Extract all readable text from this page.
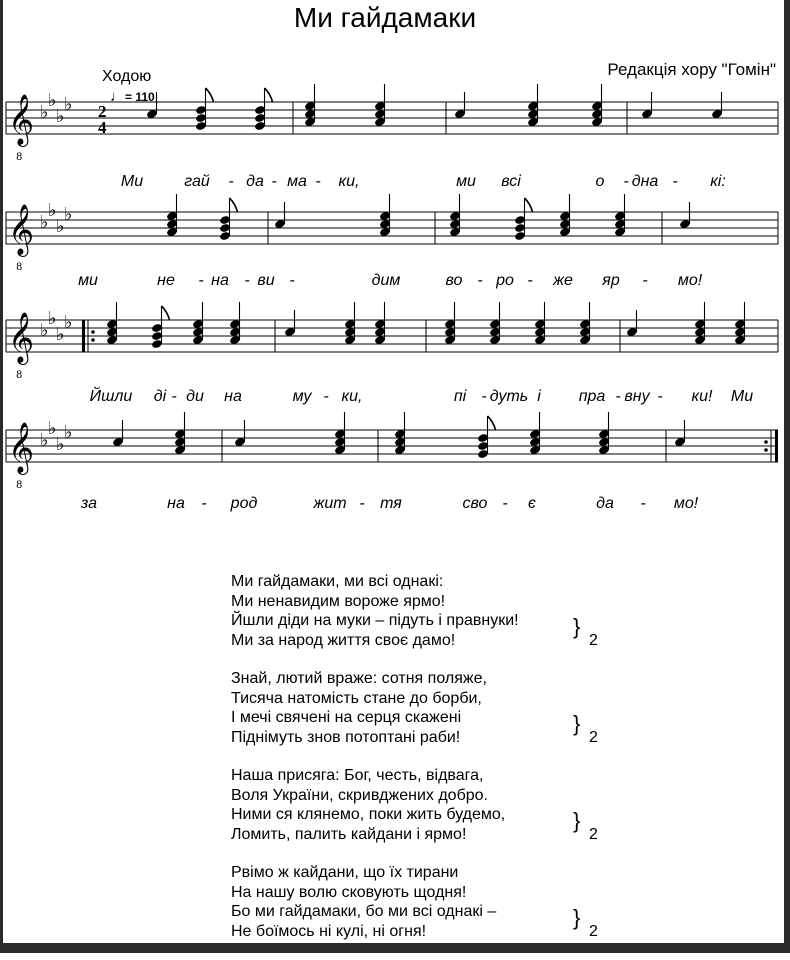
Ми гайдамаки
Редакція хору "Гомін"
Ходою
♩= 110
𝄞
8
♭
♭
♭
♭ 2
4
Ми	гай - да - ма - ки,	ми всі	о - дна - кі:
𝄞
8
♭
♭
♭
♭
ми	не - на - ви -	дим	во - ро - же яр - мо!
𝄞
8
♭
♭
♭
♭
Йшли ді - ди на	му - ки,	пі - дуть і пра - вну - ки! Ми
𝄞
8
♭
♭
♭
♭
за	на - род	жит - тя	сво - є	да - мо!
Ми гайдамаки, ми всі однакі:
Ми ненавидим вороже ярмо!
Йшли діди на муки – підуть і правнуки!
Ми за народ життя своє дамо!
}
2
Знай, лютий враже: сотня поляже,
Тисяча натомість стане до борби,
І мечі свячені на серця скажені
Піднімуть знов потоптані раби!
}
2
Наша присяга: Бог, честь, відвага,
Воля України, скривджених добро.
Ними ся клянемо, поки жить будемо,
Ломить, палить кайдани і ярмо!
}
2
Рвімо ж кайдани, що їх тирани
На нашу волю сковують щодня!
Бо ми гайдамаки, бо ми всі однакі –
Не боїмось ні кулі, ні огня!
}
2
